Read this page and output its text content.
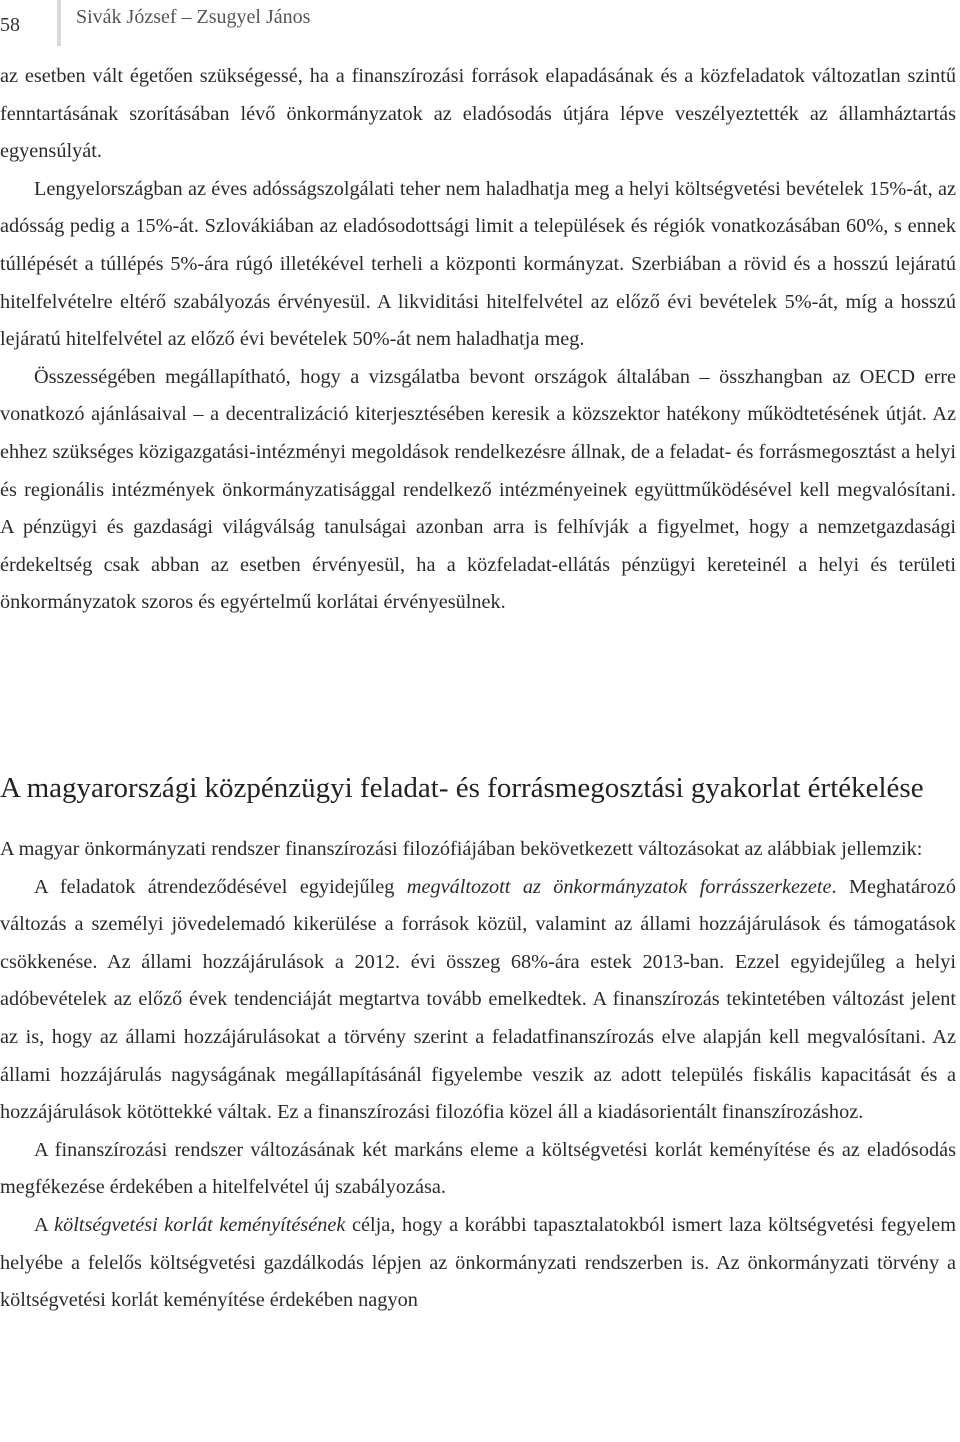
58	Sivák József – Zsugyel János

az esetben vált égetően szükségessé, ha a finanszírozási források elapadásának és a közfeladatok változatlan szintű fenntartásának szorításában lévő önkormányzatok az eladósodás útjára lépve veszélyeztették az államháztartás egyensúlyát.

Lengyelországban az éves adósságszolgálati teher nem haladhatja meg a helyi költségvetési bevételek 15%-át, az adósság pedig a 15%-át. Szlovákiában az eladósodottsági limit a települések és régiók vonatkozásában 60%, s ennek túllépését a túllépés 5%-ára rúgó illetékével terheli a központi kormányzat. Szerbiában a rövid és a hosszú lejáratú hitelfelvételre eltérő szabályozás érvényesül. A likviditási hitelfelvétel az előző évi bevételek 5%-át, míg a hosszú lejáratú hitelfelvétel az előző évi bevételek 50%-át nem haladhatja meg.

Összességében megállapítható, hogy a vizsgálatba bevont országok általában – összhangban az OECD erre vonatkozó ajánlásaival – a decentralizáció kiterjesztésében keresik a közszektor hatékony működtetésének útját. Az ehhez szükséges közigazgatási-intézményi megoldások rendelkezésre állnak, de a feladat- és forrásmegosztást a helyi és regionális intézmények önkormányzatisággal rendelkező intézményeinek együttműködésével kell megvalósítani. A pénzügyi és gazdasági világválság tanulságai azonban arra is felhívják a figyelmet, hogy a nemzetgazdasági érdekeltség csak abban az esetben érvényesül, ha a közfeladat-ellátás pénzügyi kereteinél a helyi és területi önkormányzatok szoros és egyértelmű korlátai érvényesülnek.

A magyarországi közpénzügyi feladat- és forrásmegosztási gyakorlat értékelése

A magyar önkormányzati rendszer finanszírozási filozófiájában bekövetkezett változásokat az alábbiak jellemzik:

A feladatok átrendeződésével egyidejűleg megváltozott az önkormányzatok forrásszerkezete. Meghatározó változás a személyi jövedelemadó kikerülése a források közül, valamint az állami hozzájárulások és támogatások csökkenése. Az állami hozzájárulások a 2012. évi összeg 68%-ára estek 2013-ban. Ezzel egyidejűleg a helyi adóbevételek az előző évek tendenciáját megtartva tovább emelkedtek. A finanszírozás tekintetében változást jelent az is, hogy az állami hozzájárulásokat a törvény szerint a feladatfinanszírozás elve alapján kell megvalósítani. Az állami hozzájárulás nagyságának megállapításánál figyelembe veszik az adott település fiskális kapacitását és a hozzájárulások kötöttekké váltak. Ez a finanszírozási filozófia közel áll a kiadásorientált finanszírozáshoz.

A finanszírozási rendszer változásának két markáns eleme a költségvetési korlát keményítése és az eladósodás megfékezése érdekében a hitelfelvétel új szabályozása.

A költségvetési korlát keményítésének célja, hogy a korábbi tapasztalatokból ismert laza költségvetési fegyelem helyébe a felelős költségvetési gazdálkodás lépjen az önkormányzati rendszerben is. Az önkormányzati törvény a költségvetési korlát keményítése érdekében nagyon
